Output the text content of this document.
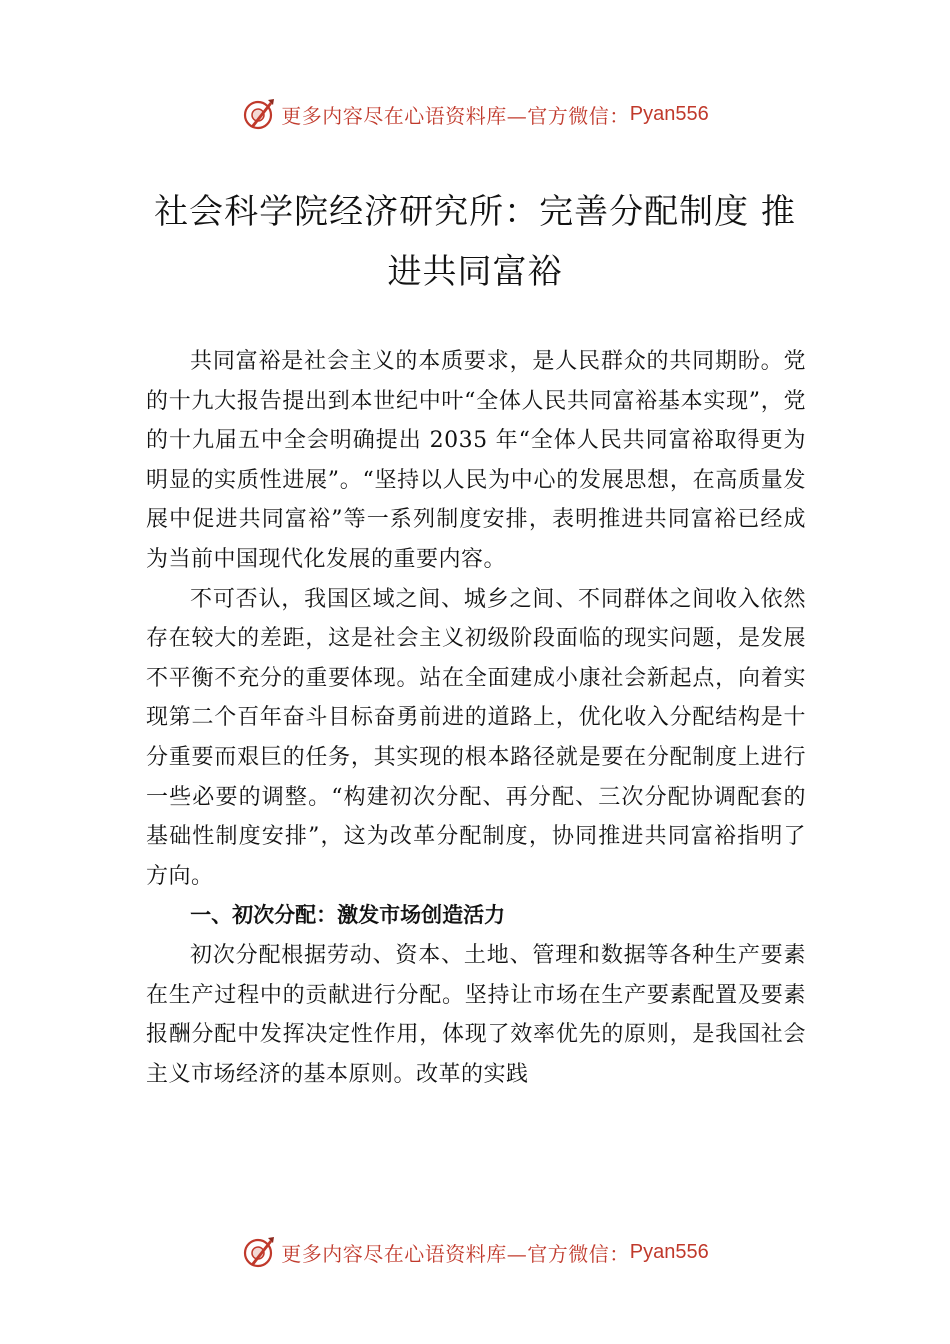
更多内容尽在心语资料库—官方微信： Pyan556
社会科学院经济研究所：完善分配制度 推进共同富裕

共同富裕是社会主义的本质要求，是人民群众的共同期盼。党的十九大报告提出到本世纪中叶“全体人民共同富裕基本实现”，党的十九届五中全会明确提出 2035 年“全体人民共同富裕取得更为明显的实质性进展”。“坚持以人民为中心的发展思想，在高质量发展中促进共同富裕”等一系列制度安排，表明推进共同富裕已经成为当前中国现代化发展的重要内容。

不可否认，我国区域之间、城乡之间、不同群体之间收入依然存在较大的差距，这是社会主义初级阶段面临的现实问题，是发展不平衡不充分的重要体现。站在全面建成小康社会新起点，向着实现第二个百年奋斗目标奋勇前进的道路上，优化收入分配结构是十分重要而艰巨的任务，其实现的根本路径就是要在分配制度上进行一些必要的调整。“构建初次分配、再分配、三次分配协调配套的基础性制度安排”，这为改革分配制度，协同推进共同富裕指明了方向。

一、初次分配：激发市场创造活力

初次分配根据劳动、资本、土地、管理和数据等各种生产要素在生产过程中的贡献进行分配。坚持让市场在生产要素配置及要素报酬分配中发挥决定性作用，体现了效率优先的原则，是我国社会主义市场经济的基本原则。改革的实践

更多内容尽在心语资料库—官方微信： Pyan556
